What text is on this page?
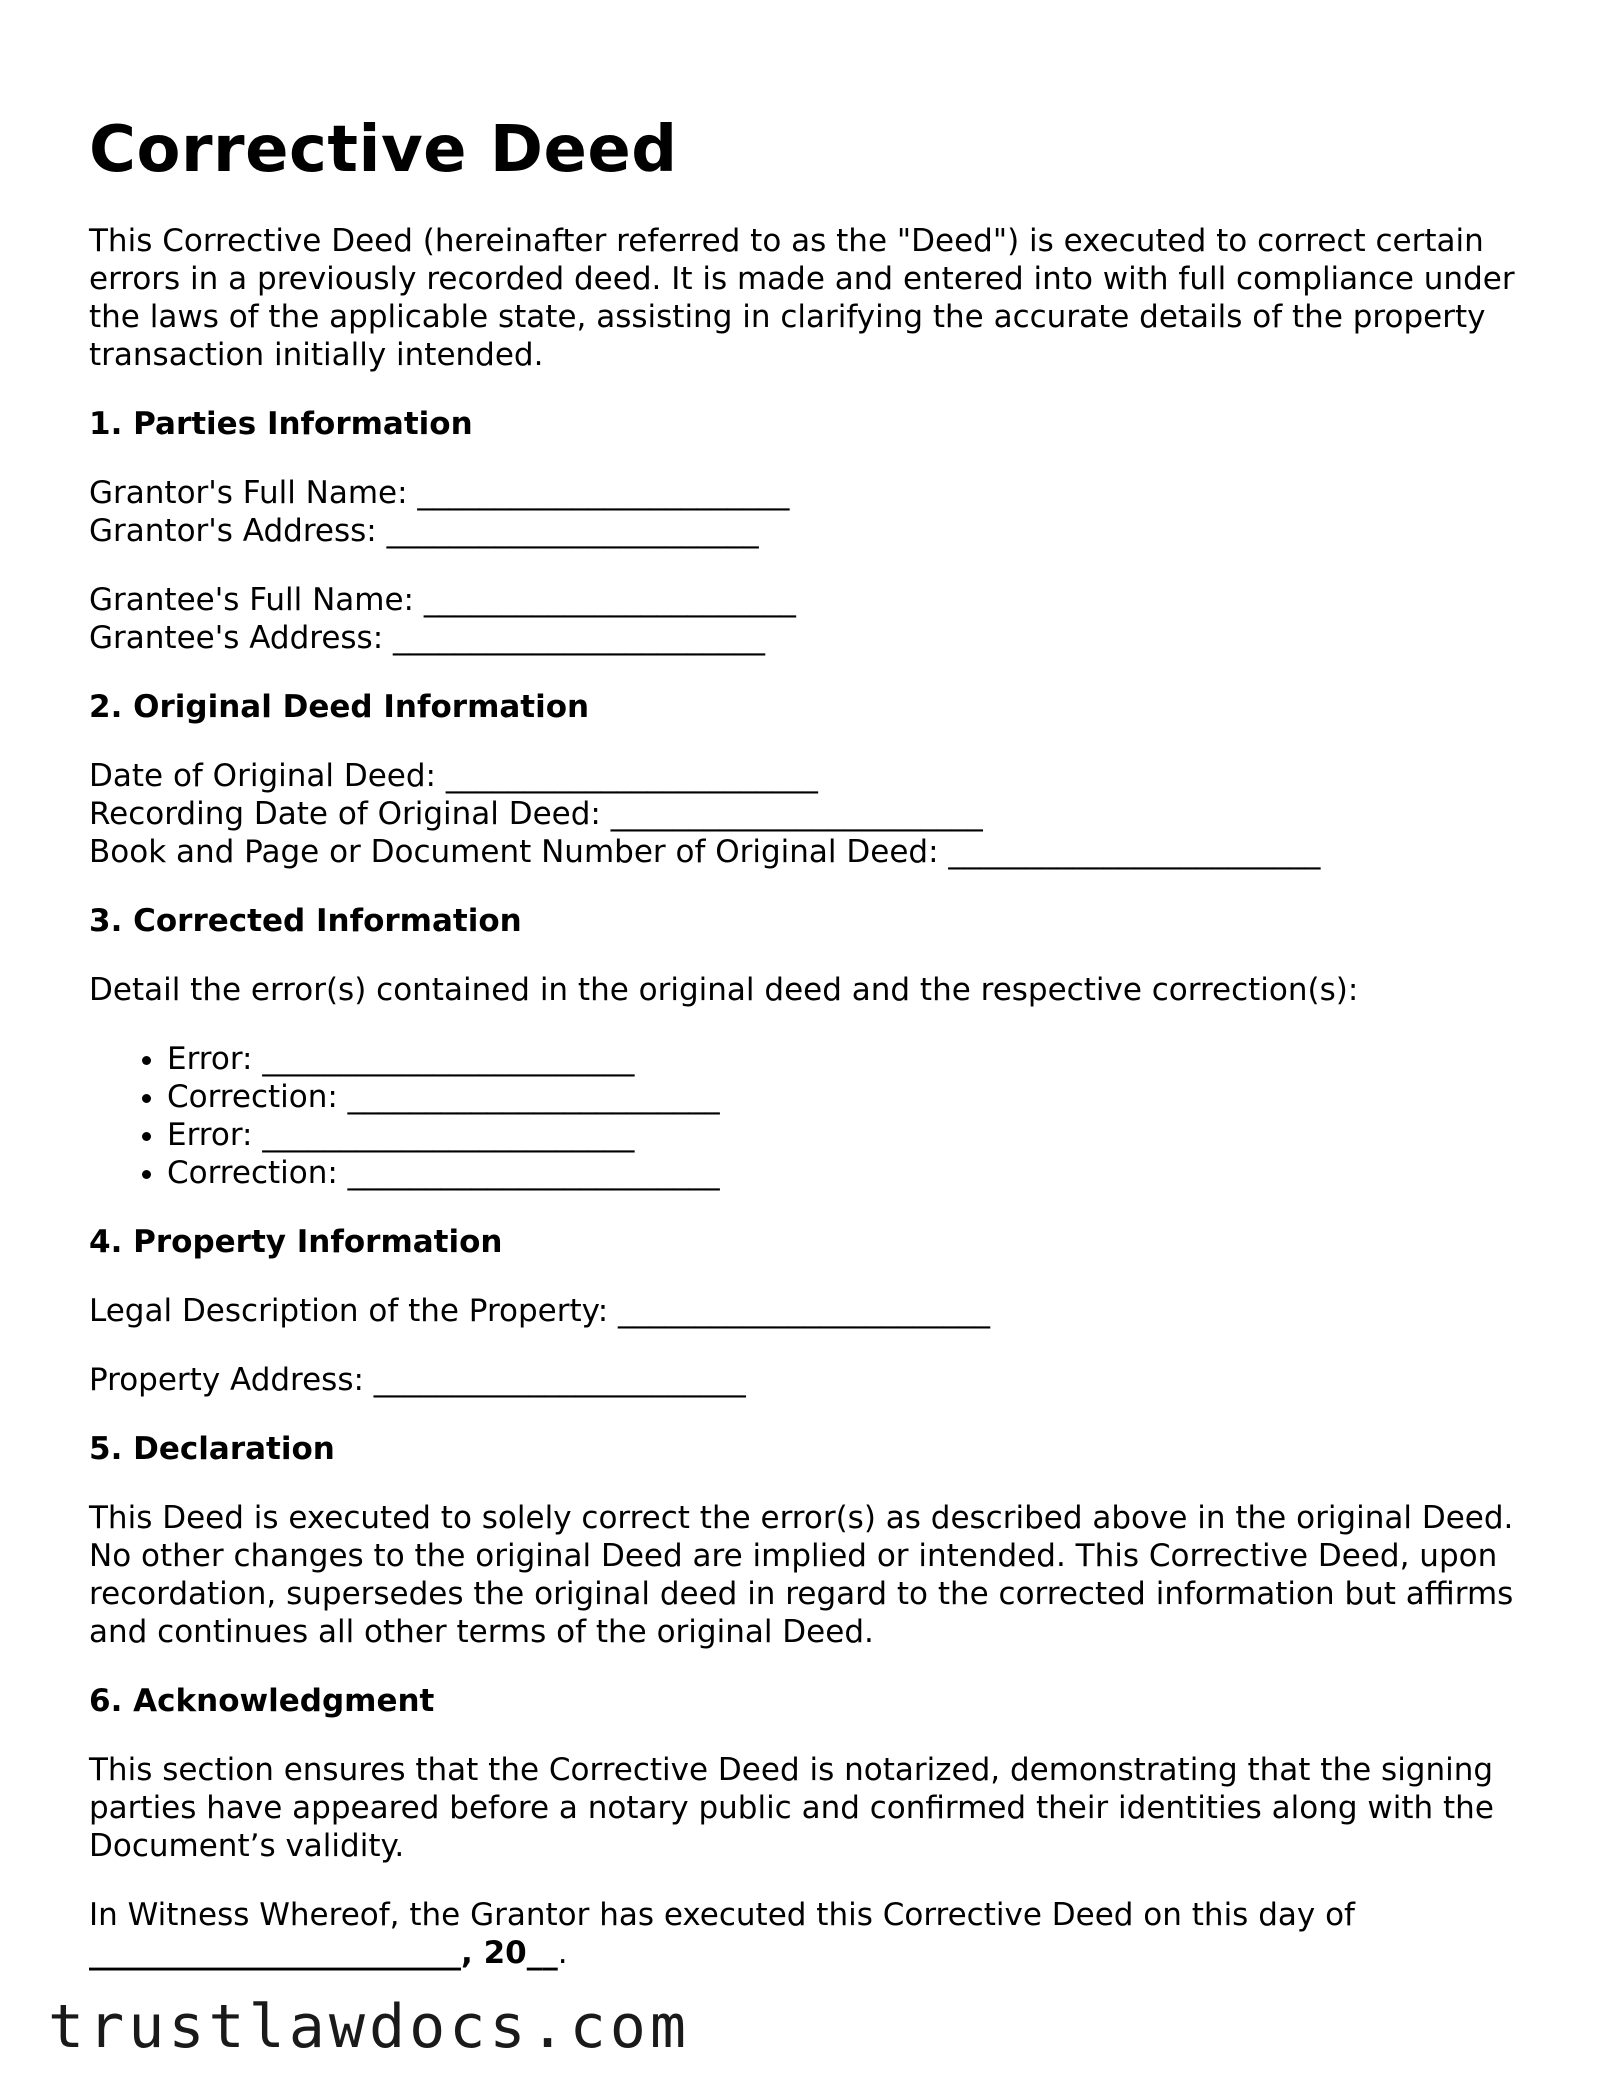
Corrective Deed

This Corrective Deed (hereinafter referred to as the "Deed") is executed to correct certain errors in a previously recorded deed. It is made and entered into with full compliance under the laws of the applicable state, assisting in clarifying the accurate details of the property transaction initially intended.

1. Parties Information

Grantor's Full Name: ________________________
Grantor's Address: ________________________

Grantee's Full Name: ________________________
Grantee's Address: ________________________

2. Original Deed Information

Date of Original Deed: ________________________
Recording Date of Original Deed: ________________________
Book and Page or Document Number of Original Deed: ________________________

3. Corrected Information

Detail the error(s) contained in the original deed and the respective correction(s):

• Error: ________________________
• Correction: ________________________
• Error: ________________________
• Correction: ________________________
4. Property Information

Legal Description of the Property: ________________________

Property Address: ________________________

5. Declaration

This Deed is executed to solely correct the error(s) as described above in the original Deed. No other changes to the original Deed are implied or intended. This Corrective Deed, upon recordation, supersedes the original deed in regard to the corrected information but affirms and continues all other terms of the original Deed.

6. Acknowledgment

This section ensures that the Corrective Deed is notarized, demonstrating that the signing parties have appeared before a notary public and confirmed their identities along with the Document’s validity.

In Witness Whereof, the Grantor has executed this Corrective Deed on this day of
________________________, 20__.

trustlawdocs.com
